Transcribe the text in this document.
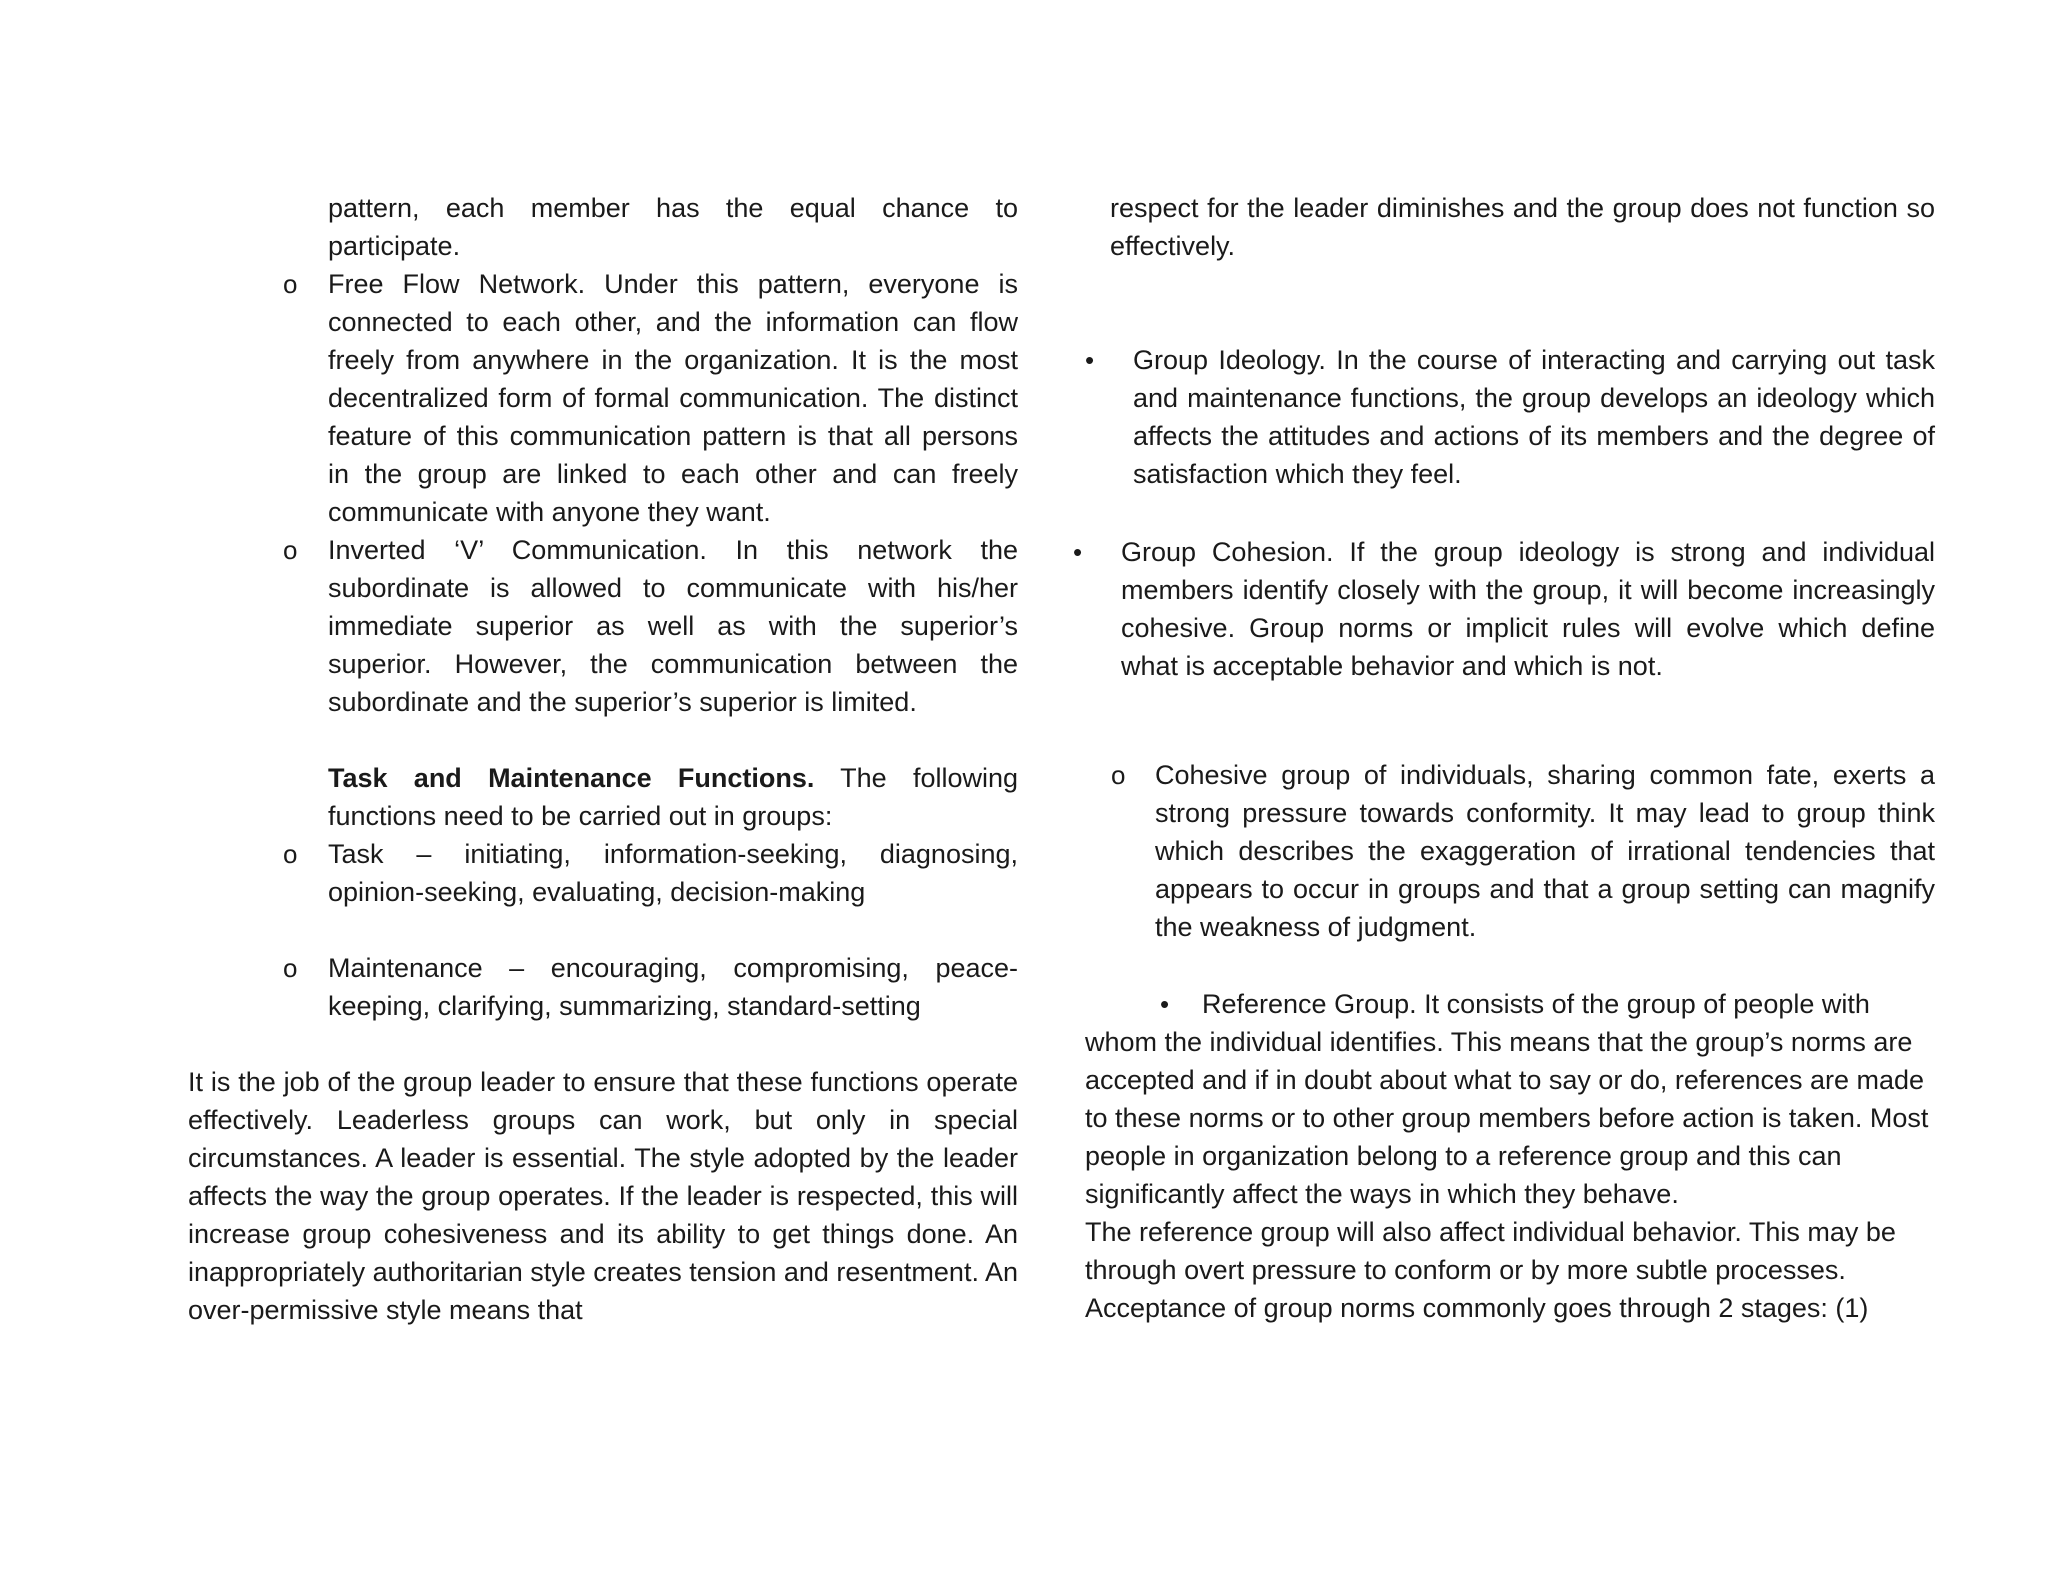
pattern, each member has the equal chance to participate.

o Free Flow Network. Under this pattern, everyone is connected to each other, and the information can flow freely from anywhere in the organization. It is the most decentralized form of formal communication. The distinct feature of this communication pattern is that all persons in the group are linked to each other and can freely communicate with anyone they want.
o Inverted ‘V’ Communication. In this network the subordinate is allowed to communicate with his/her immediate superior as well as with the superior’s superior. However, the communication between the subordinate and the superior’s superior is limited.

Task and Maintenance Functions. The following functions need to be carried out in groups:

o Task – initiating, information-seeking, diagnosing, opinion-seeking, evaluating, decision-making
o Maintenance – encouraging, compromising, peace-keeping, clarifying, summarizing, standard-setting

It is the job of the group leader to ensure that these functions operate effectively. Leaderless groups can work, but only in special circumstances. A leader is essential. The style adopted by the leader affects the way the group operates. If the leader is respected, this will increase group cohesiveness and its ability to get things done. An inappropriately authoritarian style creates tension and resentment. An over-permissive style means that

respect for the leader diminishes and the group does not function so effectively.

• Group Ideology. In the course of interacting and carrying out task and maintenance functions, the group develops an ideology which affects the attitudes and actions of its members and the degree of satisfaction which they feel.
• Group Cohesion. If the group ideology is strong and individual members identify closely with the group, it will become increasingly cohesive. Group norms or implicit rules will evolve which define what is acceptable behavior and which is not.
o Cohesive group of individuals, sharing common fate, exerts a strong pressure towards conformity. It may lead to group think which describes the exaggeration of irrational tendencies that appears to occur in groups and that a group setting can magnify the weakness of judgment.
• Reference Group. It consists of the group of people with

whom the individual identifies. This means that the group’s norms are accepted and if in doubt about what to say or do, references are made to these norms or to other group members before action is taken. Most people in organization belong to a reference group and this can significantly affect the ways in which they behave.

The reference group will also affect individual behavior. This may be through overt pressure to conform or by more subtle processes. Acceptance of group norms commonly goes through 2 stages: (1)
